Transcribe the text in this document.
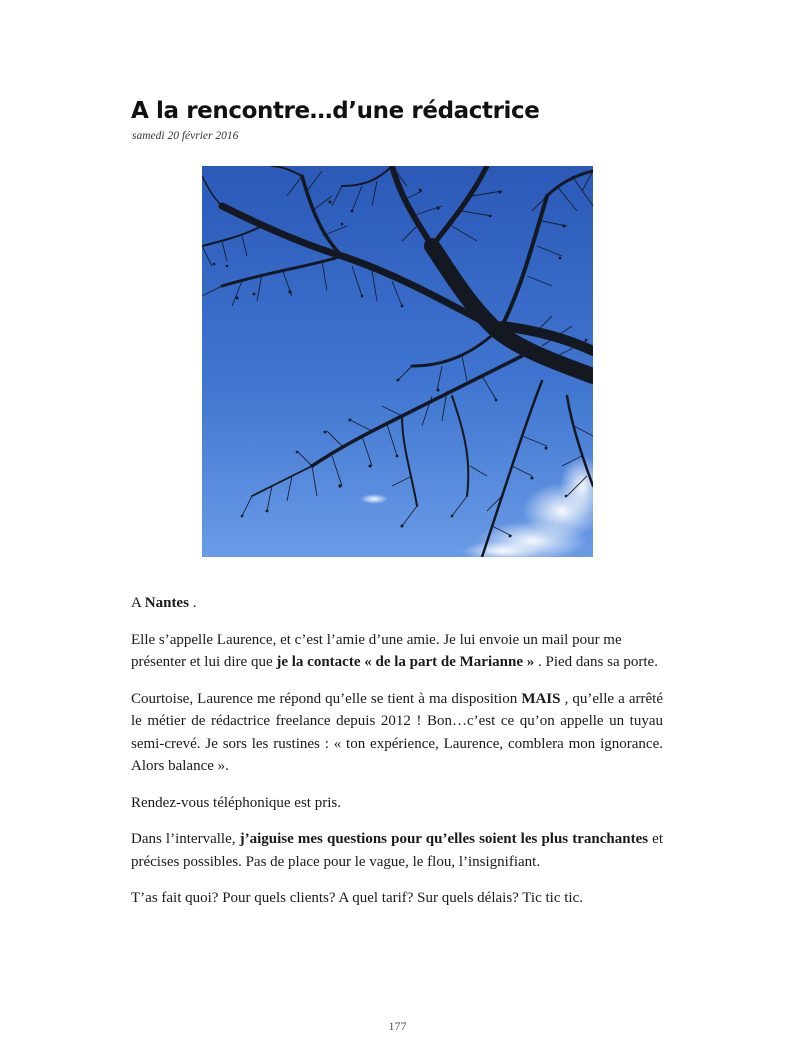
A la rencontre…d’une rédactrice
samedi 20 février 2016

A Nantes .

Elle s’appelle Laurence, et c’est l’amie d’une amie. Je lui envoie un mail pour me présenter et lui dire que je la contacte « de la part de Marianne » . Pied dans sa porte.

Courtoise, Laurence me répond qu’elle se tient à ma disposition MAIS , qu’elle a arrêté le métier de rédactrice freelance depuis 2012 ! Bon…c’est ce qu’on appelle un tuyau semi-crevé. Je sors les rustines : « ton expérience, Laurence, comblera mon ignorance. Alors balance ».

Rendez-vous téléphonique est pris.

Dans l’intervalle, j’aiguise mes questions pour qu’elles soient les plus tranchantes et précises possibles. Pas de place pour le vague, le flou, l’insignifiant.

T’as fait quoi? Pour quels clients? A quel tarif? Sur quels délais? Tic tic tic.

177
